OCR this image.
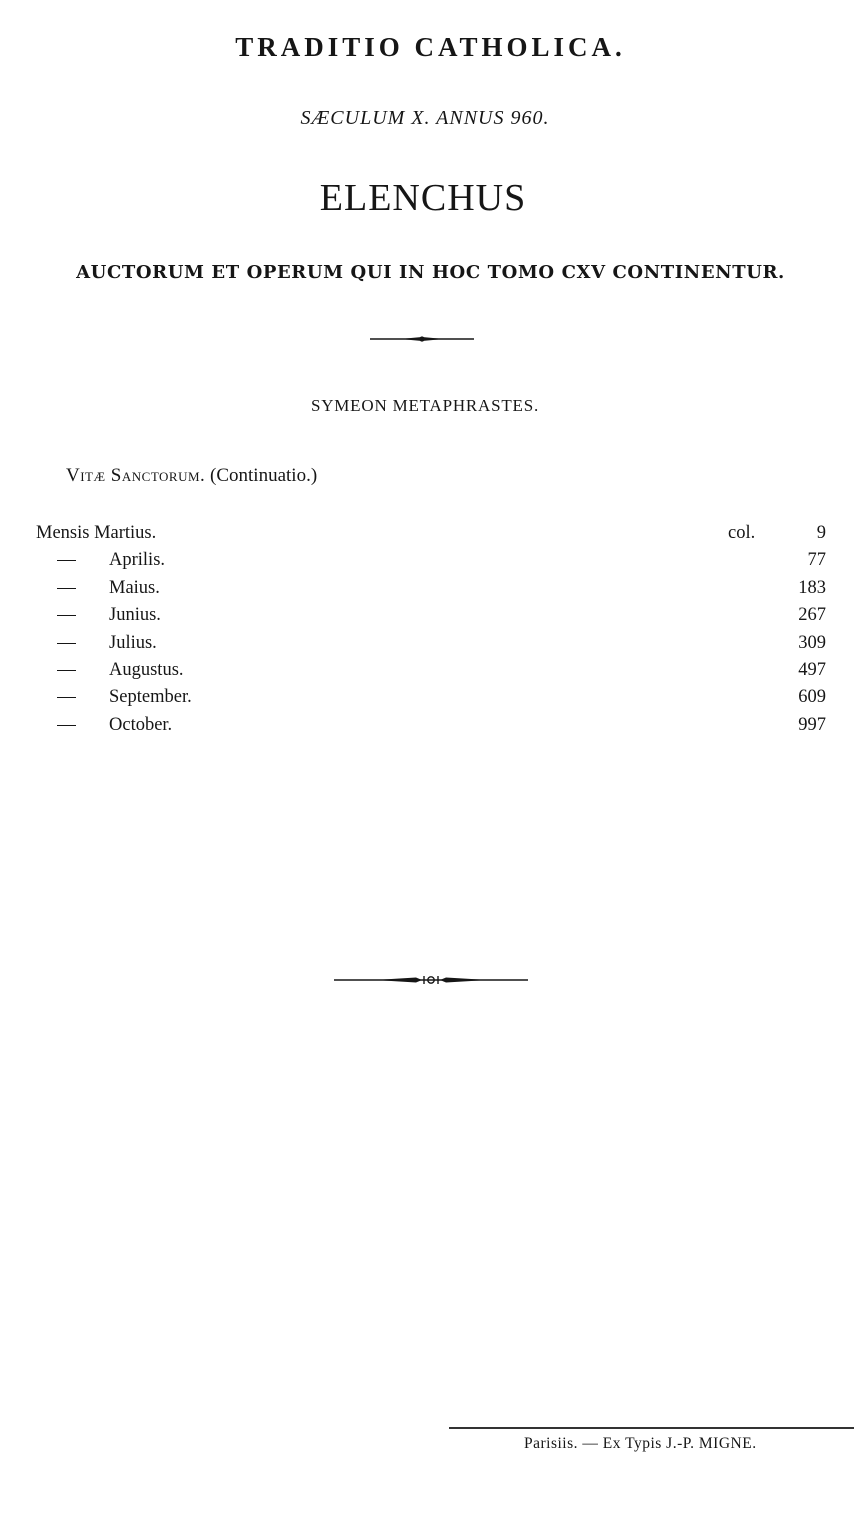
TRADITIO CATHOLICA.
SÆCULUM X. ANNUS 960.
ELENCHUS
AUCTORUM ET OPERUM QUI IN HOC TOMO CXV CONTINENTUR.
SYMEON METAPHRASTES.
Vitæ Sanctorum. (Continuatio.)
Mensis Martius.	col.	9
Aprilis.	77
Maius.	183
Junius.	267
Julius.	309
Augustus.	497
September.	609
October.	997
Parisiis. — Ex Typis J.-P. MIGNE.
